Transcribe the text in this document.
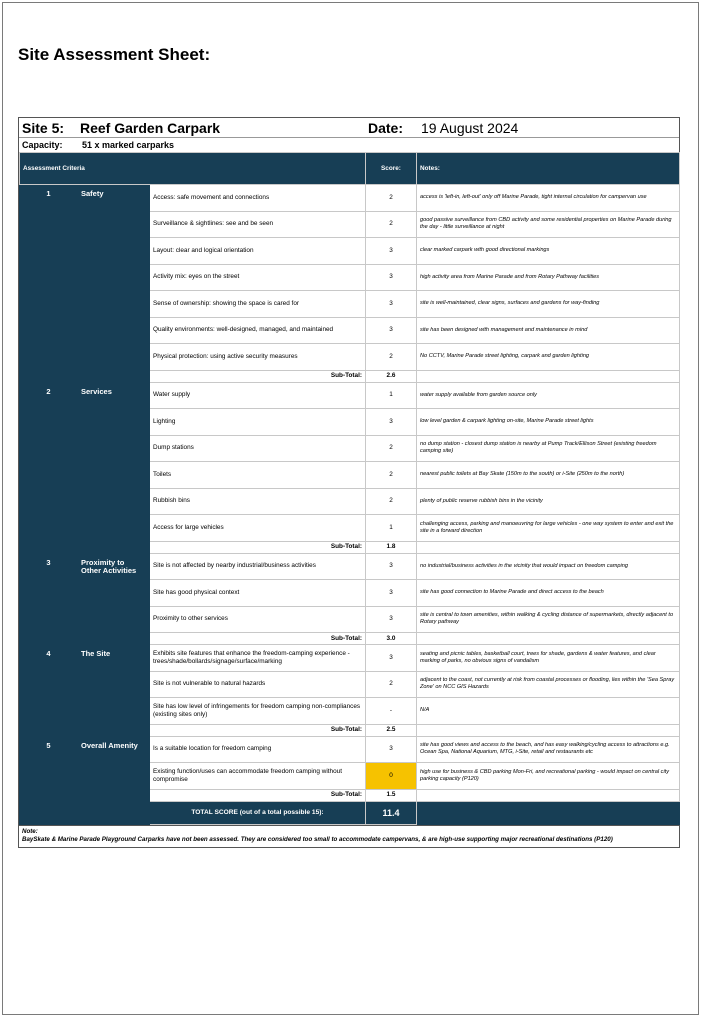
Site Assessment Sheet:
Site 5:	Reef Garden Carpark	Date:	19 August 2024
Capacity:	51 x marked carparks
Assessment Criteria			Score:	Notes:
1	Safety	Access: safe movement and connections	2	access is 'left-in, left-out' only off Marine Parade, tight internal circulation for campervan use
		Surveillance & sightlines: see and be seen	2	good passive surveillance from CBD activity and some residential properties on Marine Parade during the day - little surveillance at night
		Layout: clear and logical orientation	3	clear marked carpark with good directional markings
		Activity mix: eyes on the street	3	high activity area from Marine Parade and from Rotary Pathway facilities
		Sense of ownership: showing the space is cared for	3	site is well-maintained, clear signs, surfaces and gardens for way-finding
		Quality environments: well-designed, managed, and maintained	3	site has been designed with management and maintenance in mind
		Physical protection: using active security measures	2	No CCTV, Marine Parade street lighting, carpark and garden lighting
		Sub-Total:	2.6	
2	Services	Water supply	1	water supply available from garden source only
		Lighting	3	low level garden & carpark lighting on-site, Marine Parade street lights
		Dump stations	2	no dump station - closest dump station is nearby at Pump Track/Ellison Street (existing freedom camping site)
		Toilets	2	nearest public toilets at Bay Skate (150m to the south) or i-Site (250m to the north)
		Rubbish bins	2	plenty of public reserve rubbish bins in the vicinity
		Access for large vehicles	1	challenging access, parking and manoeuvring for large vehicles - one way system to enter and exit the site in a forward direction
		Sub-Total:	1.8	
3	Proximity to Other Activities	Site is not affected by nearby industrial/business activities	3	no industrial/business activities in the vicinity that would impact on freedom camping
		Site has good physical context	3	site has good connection to Marine Parade and direct access to the beach
		Proximity to other services	3	site is central to town amenities, within walking & cycling distance of supermarkets, directly adjacent to Rotary pathway
		Sub-Total:	3.0	
4	The Site	Exhibits site features that enhance the freedom-camping experience - trees/shade/bollards/signage/surface/marking	3	seating and picnic tables, basketball court, trees for shade, gardens & water features, and clear marking of parks, no obvious signs of vandalism
		Site is not vulnerable to natural hazards	2	adjacent to the coast, not currently at risk from coastal processes or flooding, lies within the 'Sea Spray Zone' on NCC GIS Hazards
		Site has low level of infringements for freedom camping non-compliances (existing sites only)	-	N/A
		Sub-Total:	2.5	
5	Overall Amenity	Is a suitable location for freedom camping	3	site has good views and access to the beach, and has easy walking/cycling access to attractions e.g. Ocean Spa, National Aquarium, MTG, i-Site, retail and restaurants etc
		Existing function/uses can accommodate freedom camping without compromise	0	high use for business & CBD parking Mon-Fri, and recreational parking - would impact on central city parking capacity (P120)
		Sub-Total:	1.5	
		TOTAL SCORE (out of a total possible 15):	11.4	
Note:
BaySkate & Marine Parade Playground Carparks have not been assessed. They are considered too small to accommodate campervans, & are high-use supporting major recreational destinations (P120)
